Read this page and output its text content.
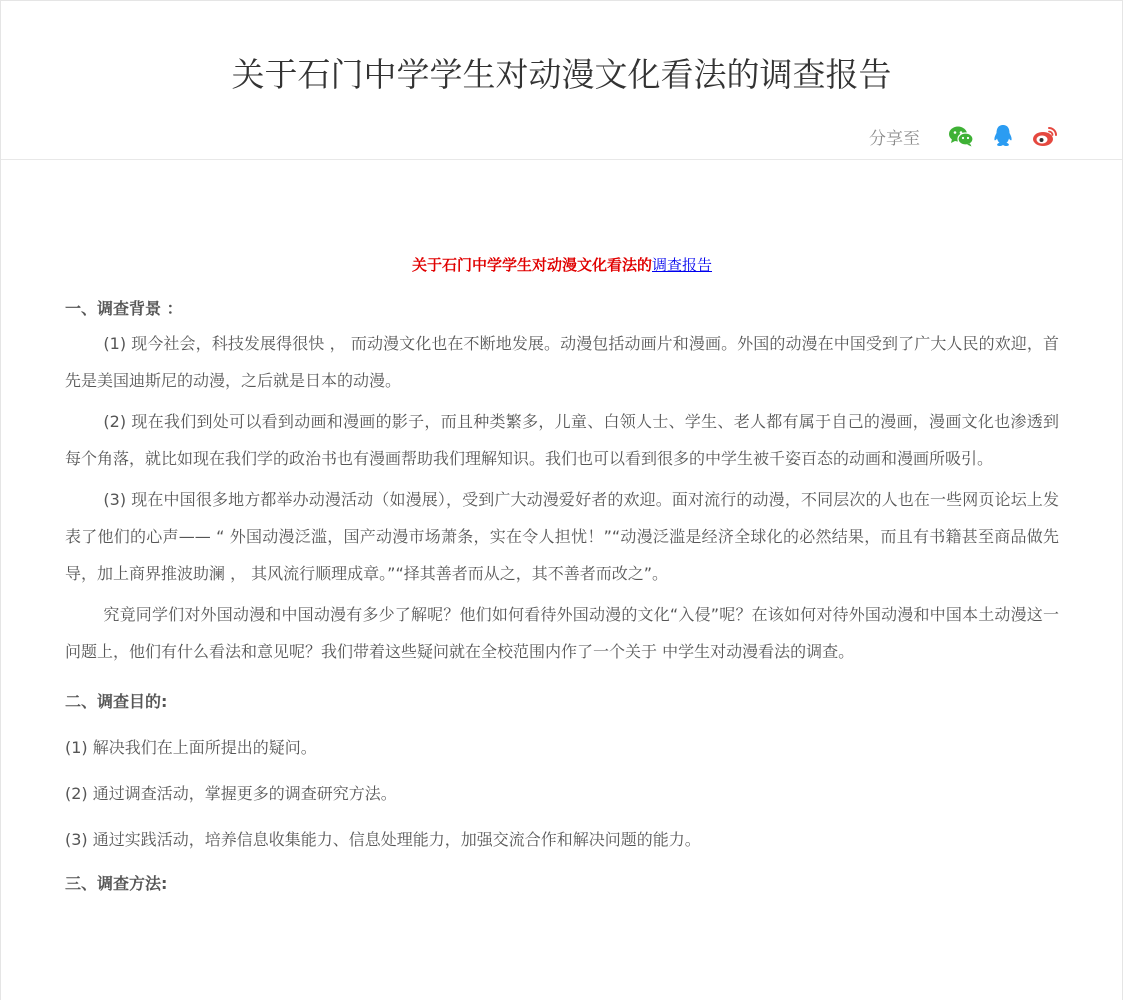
关于石门中学学生对动漫文化看法的调查报告
分享至

关于石门中学学生对动漫文化看法的调查报告

一、调查背景 ：

(1) 现今社会，科技发展得很快 ， 而动漫文化也在不断地发展。动漫包括动画片和漫画。外国的动漫在中国受到了广大人民的欢迎，首先是美国迪斯尼的动漫，之后就是日本的动漫。

(2) 现在我们到处可以看到动画和漫画的影子，而且种类繁多，儿童、白领人士、学生、老人都有属于自己的漫画，漫画文化也渗透到每个角落，就比如现在我们学的政治书也有漫画帮助我们理解知识。我们也可以看到很多的中学生被千姿百态的动画和漫画所吸引。

(3) 现在中国很多地方都举办动漫活动（如漫展），受到广大动漫爱好者的欢迎。面对流行的动漫，不同层次的人也在一些网页论坛上发表了他们的心声—— “ 外国动漫泛滥，国产动漫市场萧条，实在令人担忧！”“动漫泛滥是经济全球化的必然结果，而且有书籍甚至商品做先导，加上商界推波助澜 ， 其风流行顺理成章。”“择其善者而从之，其不善者而改之”。

究竟同学们对外国动漫和中国动漫有多少了解呢？他们如何看待外国动漫的文化“入侵”呢？在该如何对待外国动漫和中国本土动漫这一问题上，他们有什么看法和意见呢？我们带着这些疑问就在全校范围内作了一个关于 中学生对动漫看法的调查。

二、调查目的:

(1) 解决我们在上面所提出的疑问。

(2) 通过调查活动，掌握更多的调查研究方法。

(3) 通过实践活动，培养信息收集能力、信息处理能力，加强交流合作和解决问题的能力。

三、调查方法:
